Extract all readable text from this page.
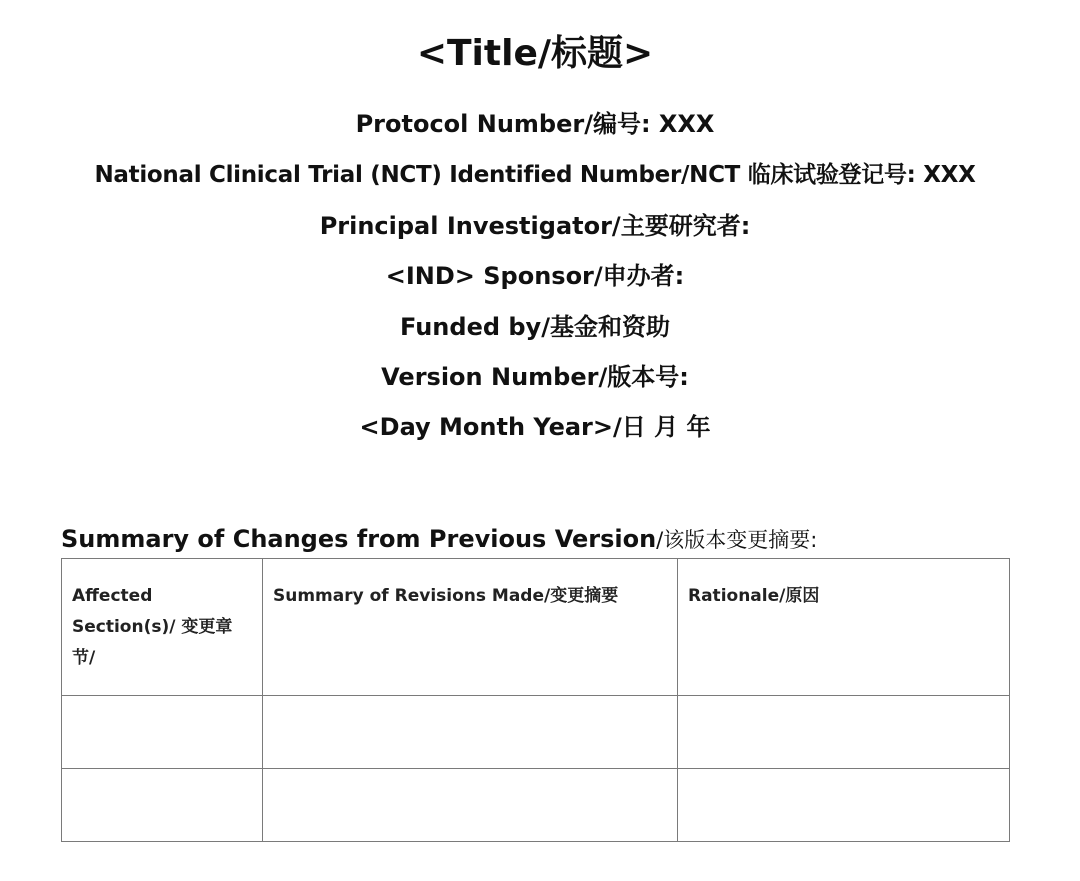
<Title/标题>
Protocol Number/编号: XXX
National Clinical Trial (NCT) Identified Number/NCT 临床试验登记号: XXX
Principal Investigator/主要研究者:
<IND> Sponsor/申办者:
Funded by/基金和资助
Version Number/版本号:
<Day Month Year>/日 月 年
Summary of Changes from Previous Version/该版本变更摘要:
Affected Section(s)/ 变更章节/	Summary of Revisions Made/变更摘要	Rationale/原因
